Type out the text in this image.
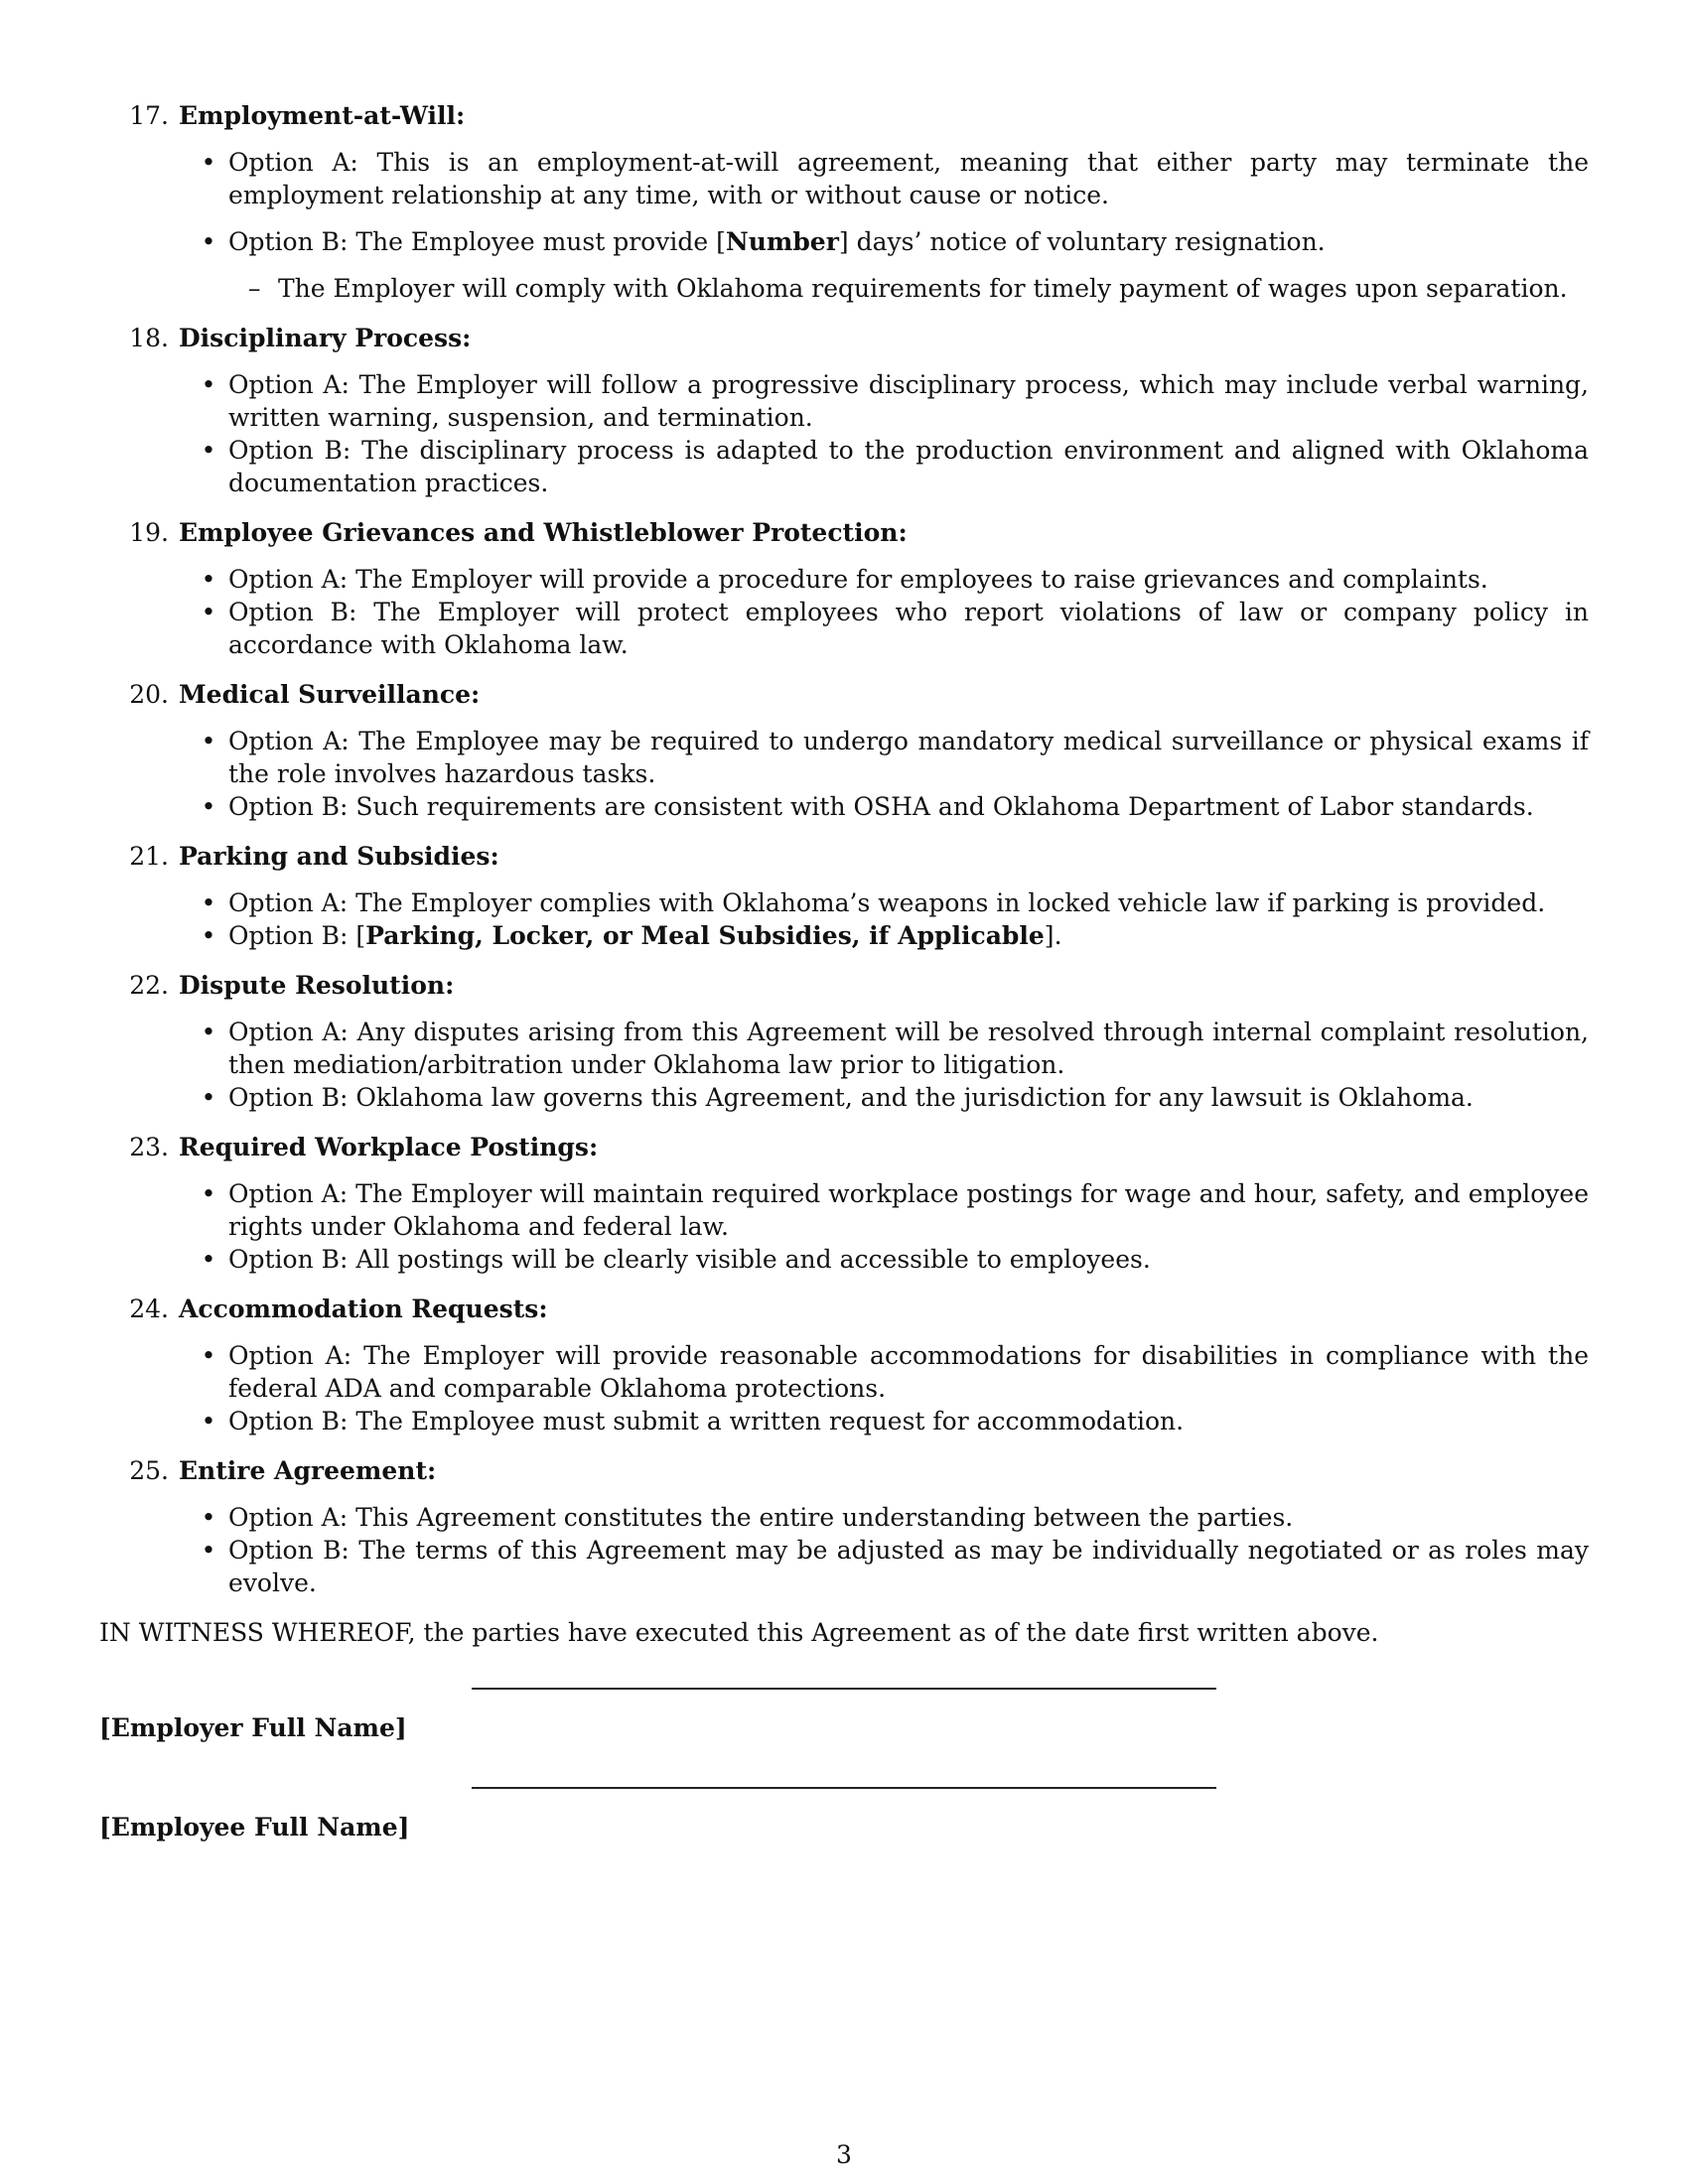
17. Employment-at-Will:
• Option A: This is an employment-at-will agreement, meaning that either party may terminate the employment relationship at any time, with or without cause or notice.
• Option B: The Employee must provide [Number] days’ notice of voluntary resignation.
– The Employer will comply with Oklahoma requirements for timely payment of wages upon separation.
18. Disciplinary Process:
• Option A: The Employer will follow a progressive disciplinary process, which may include verbal warning, written warning, suspension, and termination.
• Option B: The disciplinary process is adapted to the production environment and aligned with Oklahoma documentation practices.
19. Employee Grievances and Whistleblower Protection:
• Option A: The Employer will provide a procedure for employees to raise grievances and complaints.
• Option B: The Employer will protect employees who report violations of law or company policy in accordance with Oklahoma law.
20. Medical Surveillance:
• Option A: The Employee may be required to undergo mandatory medical surveillance or physical exams if the role involves hazardous tasks.
• Option B: Such requirements are consistent with OSHA and Oklahoma Department of Labor standards.
21. Parking and Subsidies:
• Option A: The Employer complies with Oklahoma’s weapons in locked vehicle law if parking is provided.
• Option B: [Parking, Locker, or Meal Subsidies, if Applicable].
22. Dispute Resolution:
• Option A: Any disputes arising from this Agreement will be resolved through internal complaint resolution, then mediation/arbitration under Oklahoma law prior to litigation.
• Option B: Oklahoma law governs this Agreement, and the jurisdiction for any lawsuit is Oklahoma.
23. Required Workplace Postings:
• Option A: The Employer will maintain required workplace postings for wage and hour, safety, and employee rights under Oklahoma and federal law.
• Option B: All postings will be clearly visible and accessible to employees.
24. Accommodation Requests:
• Option A: The Employer will provide reasonable accommodations for disabilities in compliance with the federal ADA and comparable Oklahoma protections.
• Option B: The Employee must submit a written request for accommodation.
25. Entire Agreement:
• Option A: This Agreement constitutes the entire understanding between the parties.
• Option B: The terms of this Agreement may be adjusted as may be individually negotiated or as roles may evolve.
IN WITNESS WHEREOF, the parties have executed this Agreement as of the date first written above.
[Employer Full Name]
[Employee Full Name]
3
